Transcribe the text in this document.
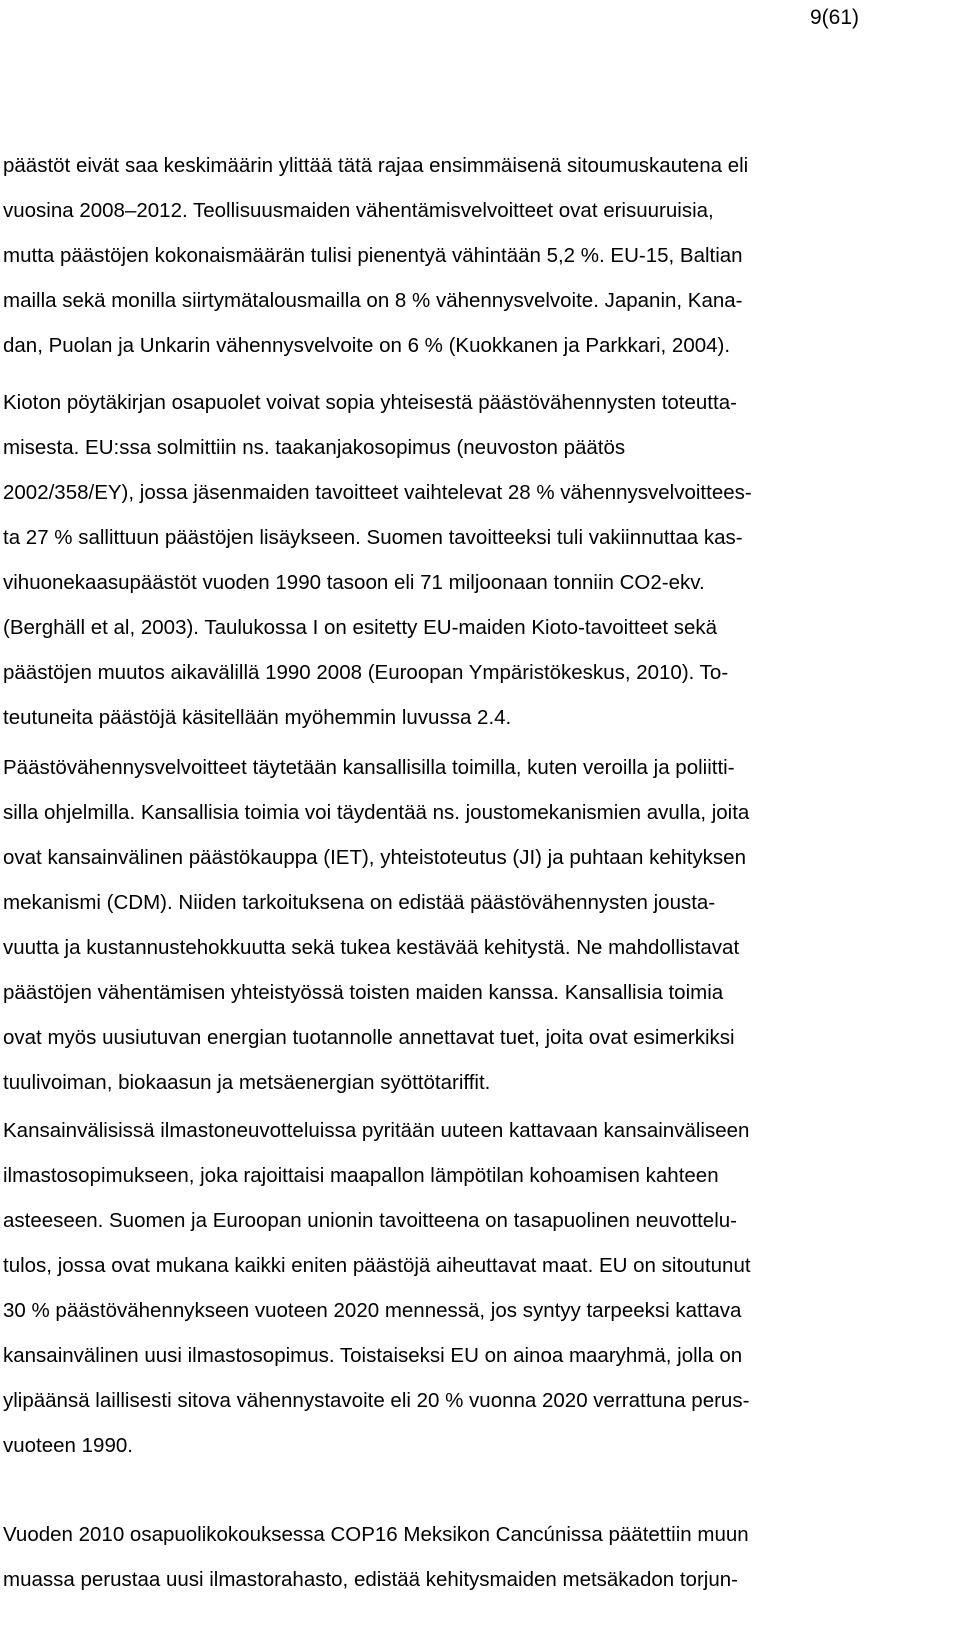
9(61)
päästöt eivät saa keskimäärin ylittää tätä rajaa ensimmäisenä sitoumuskautena eli
vuosina 2008–2012. Teollisuusmaiden vähentämisvelvoitteet ovat erisuuruisia,
mutta päästöjen kokonaismäärän tulisi pienentyä vähintään 5,2 %. EU-15, Baltian
mailla sekä monilla siirtymätalousmailla on 8 % vähennysvelvoite. Japanin, Kana-
dan, Puolan ja Unkarin vähennysvelvoite on 6 % (Kuokkanen ja Parkkari, 2004).
Kioton pöytäkirjan osapuolet voivat sopia yhteisestä päästövähennysten toteutta-
misesta. EU:ssa solmittiin ns. taakanjakosopimus (neuvoston päätös
2002/358/EY), jossa jäsenmaiden tavoitteet vaihtelevat 28 % vähennysvelvoittees-
ta 27 % sallittuun päästöjen lisäykseen. Suomen tavoitteeksi tuli vakiinnuttaa kas-
vihuonekaasupäästöt vuoden 1990 tasoon eli 71 miljoonaan tonniin CO2-ekv.
(Berghäll et al, 2003). Taulukossa I on esitetty EU-maiden Kioto-tavoitteet sekä
päästöjen muutos aikavälillä 1990 2008 (Euroopan Ympäristökeskus, 2010). To-
teutuneita päästöjä käsitellään myöhemmin luvussa 2.4.
Päästövähennysvelvoitteet täytetään kansallisilla toimilla, kuten veroilla ja poliitti-
silla ohjelmilla. Kansallisia toimia voi täydentää ns. joustomekanismien avulla, joita
ovat kansainvälinen päästökauppa (IET), yhteistoteutus (JI) ja puhtaan kehityksen
mekanismi (CDM). Niiden tarkoituksena on edistää päästövähennysten jousta-
vuutta ja kustannustehokkuutta sekä tukea kestävää kehitystä. Ne mahdollistavat
päästöjen vähentämisen yhteistyössä toisten maiden kanssa. Kansallisia toimia
ovat myös uusiutuvan energian tuotannolle annettavat tuet, joita ovat esimerkiksi
tuulivoiman, biokaasun ja metsäenergian syöttötariffit.
Kansainvälisissä ilmastoneuvotteluissa pyritään uuteen kattavaan kansainväliseen
ilmastosopimukseen, joka rajoittaisi maapallon lämpötilan kohoamisen kahteen
asteeseen. Suomen ja Euroopan unionin tavoitteena on tasapuolinen neuvottelu-
tulos, jossa ovat mukana kaikki eniten päästöjä aiheuttavat maat. EU on sitoutunut
30 % päästövähennykseen vuoteen 2020 mennessä, jos syntyy tarpeeksi kattava
kansainvälinen uusi ilmastosopimus. Toistaiseksi EU on ainoa maaryhmä, jolla on
ylipäänsä laillisesti sitova vähennystavoite eli 20 % vuonna 2020 verrattuna perus-
vuoteen 1990.
Vuoden 2010 osapuolikokouksessa COP16 Meksikon Cancúnissa päätettiin muun
muassa perustaa uusi ilmastorahasto, edistää kehitysmaiden metsäkadon torjun-
